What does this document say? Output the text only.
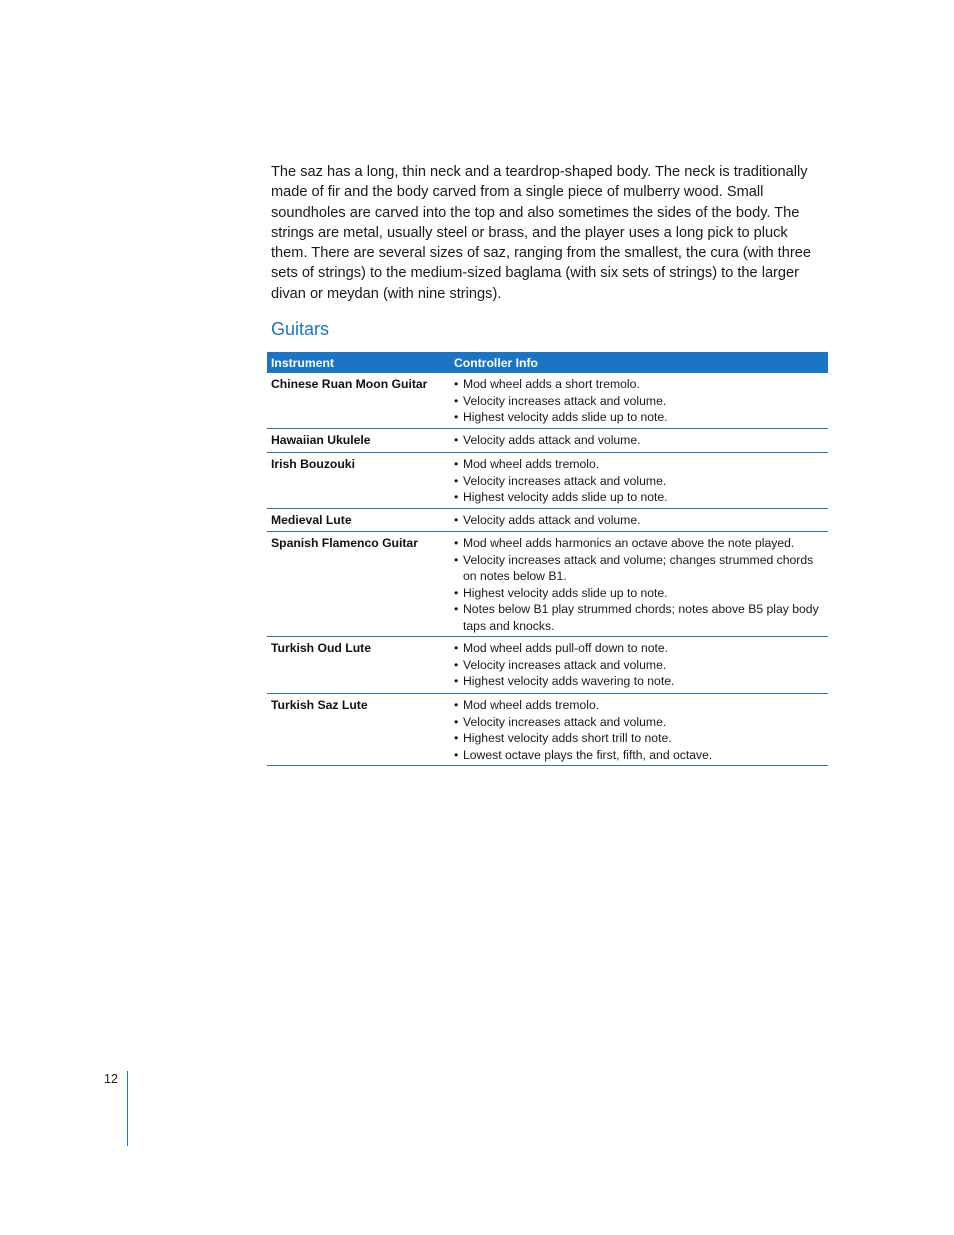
The saz has a long, thin neck and a teardrop-shaped body. The neck is traditionally made of fir and the body carved from a single piece of mulberry wood. Small soundholes are carved into the top and also sometimes the sides of the body. The strings are metal, usually steel or brass, and the player uses a long pick to pluck them. There are several sizes of saz, ranging from the smallest, the cura (with three sets of strings) to the medium-sized baglama (with six sets of strings) to the larger divan or meydan (with nine strings).

Guitars
Instrument	Controller Info
Chinese Ruan Moon Guitar	• Mod wheel adds a short tremolo.
• Velocity increases attack and volume.
• Highest velocity adds slide up to note.
Hawaiian Ukulele	• Velocity adds attack and volume.
Irish Bouzouki	• Mod wheel adds tremolo.
• Velocity increases attack and volume.
• Highest velocity adds slide up to note.
Medieval Lute	• Velocity adds attack and volume.
Spanish Flamenco Guitar	• Mod wheel adds harmonics an octave above the note played.
• Velocity increases attack and volume; changes strummed chords on notes below B1.
• Highest velocity adds slide up to note.
• Notes below B1 play strummed chords; notes above B5 play body taps and knocks.
Turkish Oud Lute	• Mod wheel adds pull-off down to note.
• Velocity increases attack and volume.
• Highest velocity adds wavering to note.
Turkish Saz Lute	• Mod wheel adds tremolo.
• Velocity increases attack and volume.
• Highest velocity adds short trill to note.
• Lowest octave plays the first, fifth, and octave.
12
